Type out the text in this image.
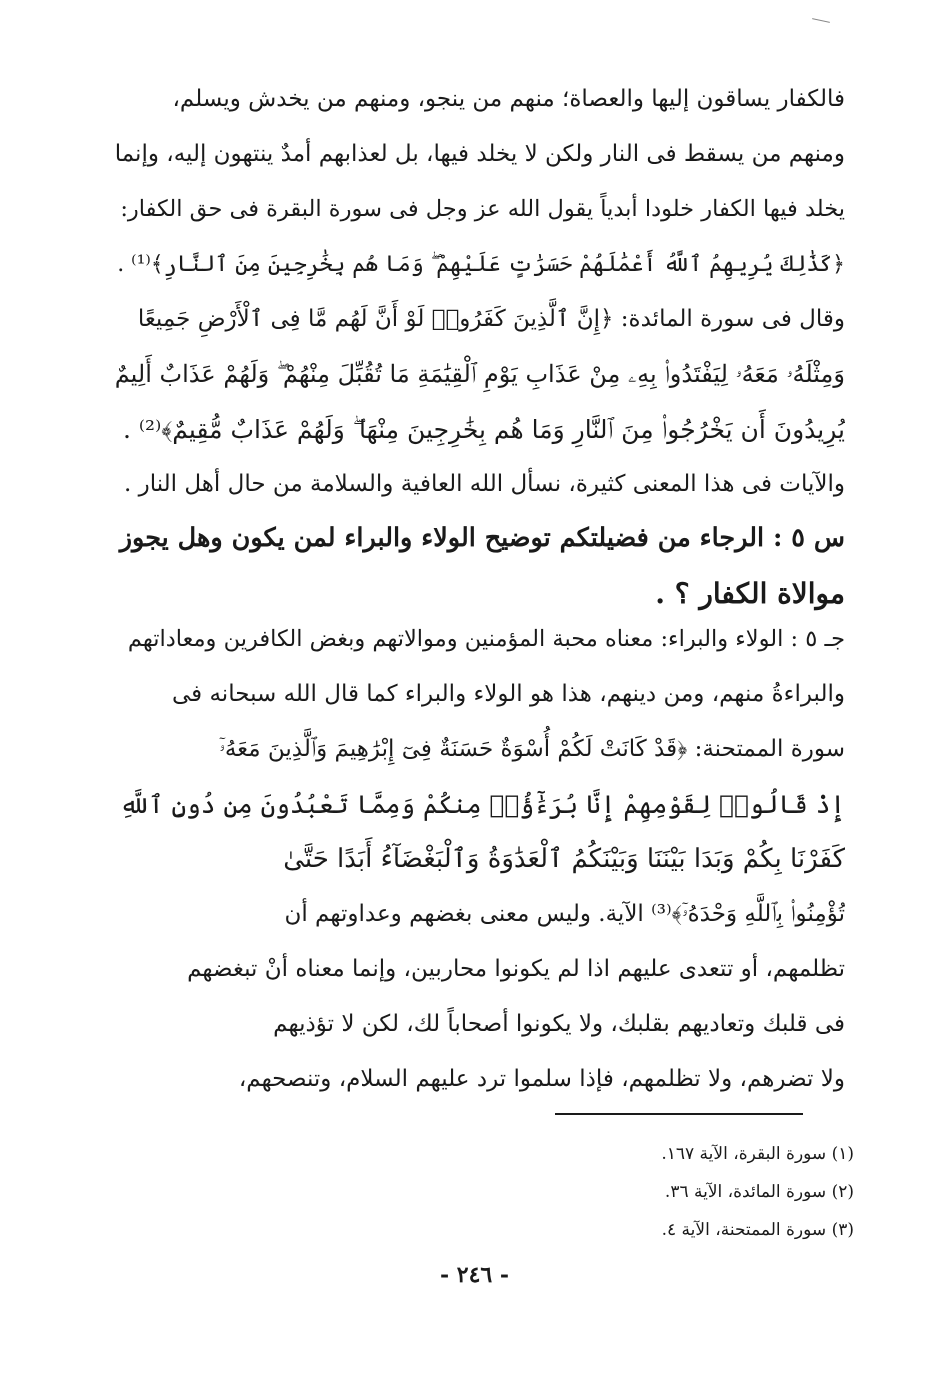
فالكفار يساقون إليها والعصاة؛ منهم من ينجو، ومنهم من يخدش ويسلم،
ومنهم من يسقط فى النار ولكن لا يخلد فيها، بل لعذابهم أمدٌ ينتهون إليه، وإنما
يخلد فيها الكفار خلودا أبدياً يقول الله عز وجل فى سورة البقرة فى حق الكفار:
﴿كَذَٰلِكَ يُرِيهِمُ ٱللَّهُ أَعْمَٰلَهُمْ حَسَرَٰتٍ عَلَيْهِمْ ۖ وَمَا هُم بِخَٰرِجِينَ مِنَ ٱلنَّارِ﴾⁽¹⁾ .
وقال فى سورة المائدة: ﴿إِنَّ ٱلَّذِينَ كَفَرُوا۟ لَوْ أَنَّ لَهُم مَّا فِى ٱلْأَرْضِ جَمِيعًا
وَمِثْلَهُۥ مَعَهُۥ لِيَفْتَدُوا۟ بِهِۦ مِنْ عَذَابِ يَوْمِ ٱلْقِيَٰمَةِ مَا تُقُبِّلَ مِنْهُمْ ۖ وَلَهُمْ عَذَابٌ أَلِيمٌ
يُرِيدُونَ أَن يَخْرُجُوا۟ مِنَ ٱلنَّارِ وَمَا هُم بِخَٰرِجِينَ مِنْهَا ۖ وَلَهُمْ عَذَابٌ مُّقِيمٌ﴾⁽²⁾ .
والآيات فى هذا المعنى كثيرة، نسأل الله العافية والسلامة من حال أهل النار .
س ٥ : الرجاء من فضيلتكم توضيح الولاء والبراء لمن يكون وهل يجوز
موالاة الكفار ؟ .
جـ ٥ : الولاء والبراء: معناه محبة المؤمنين وموالاتهم وبغض الكافرين ومعاداتهم
والبراءةُ منهم، ومن دينهم، هذا هو الولاء والبراء كما قال الله سبحانه فى
سورة الممتحنة: ﴿قَدْ كَانَتْ لَكُمْ أُسْوَةٌ حَسَنَةٌ فِىٓ إِبْرَٰهِيمَ وَٱلَّذِينَ مَعَهُۥٓ
إِذْ قَالُوا۟ لِقَوْمِهِمْ إِنَّا بُرَءَٰٓؤُا۟ مِنكُمْ وَمِمَّا تَعْبُدُونَ مِن دُونِ ٱللَّهِ
كَفَرْنَا بِكُمْ وَبَدَا بَيْنَنَا وَبَيْنَكُمُ ٱلْعَدَٰوَةُ وَٱلْبَغْضَآءُ أَبَدًا حَتَّىٰ
تُؤْمِنُوا۟ بِٱللَّهِ وَحْدَهُۥٓ﴾⁽³⁾ الآية. وليس معنى بغضهم وعداوتهم أن
تظلمهم، أو تتعدى عليهم اذا لم يكونوا محاربين، وإنما معناه أنْ تبغضهم
فى قلبك وتعاديهم بقلبك، ولا يكونوا أصحاباً لك، لكن لا تؤذيهم
ولا تضرهم، ولا تظلمهم، فإذا سلموا ترد عليهم السلام، وتنصحهم،
(١) سورة البقرة، الآية ١٦٧.
(٢) سورة المائدة، الآية ٣٦.
(٣) سورة الممتحنة، الآية ٤.
- ٢٤٦ -
